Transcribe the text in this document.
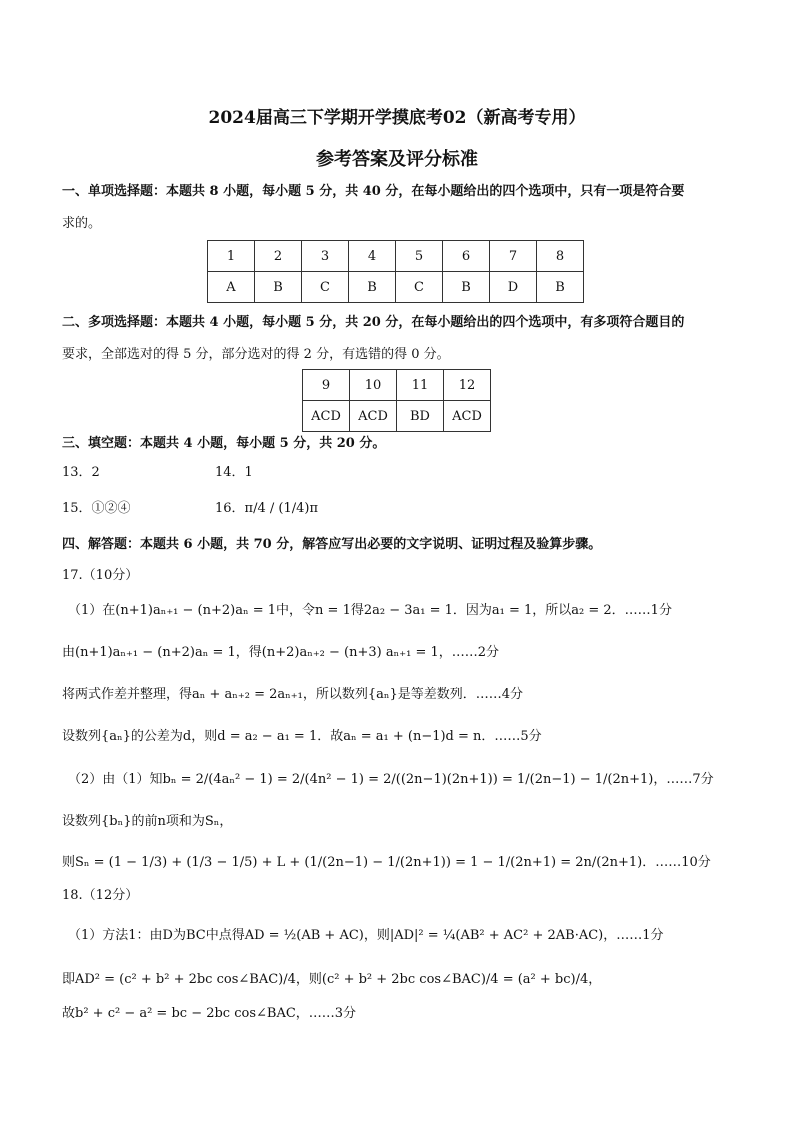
2024届高三下学期开学摸底考02（新高考专用）
参考答案及评分标准
一、单项选择题：本题共 8 小题，每小题 5 分，共 40 分，在每小题给出的四个选项中，只有一项是符合要
求的。
1	2	3	4	5	6	7	8
A	B	C	B	C	B	D	B
二、多项选择题：本题共 4 小题，每小题 5 分，共 20 分，在每小题给出的四个选项中，有多项符合题目的
要求，全部选对的得 5 分，部分选对的得 2 分，有选错的得 0 分。
9	10	11	12
ACD	ACD	BD	ACD
三、填空题：本题共 4 小题，每小题 5 分，共 20 分。
13．2	14．1
15．①②④	16．π/4 / (1/4)π
四、解答题：本题共 6 小题，共 70 分，解答应写出必要的文字说明、证明过程及验算步骤。
17.（10分）
（1）在(n+1)aₙ₊₁ − (n+2)aₙ = 1中，令n = 1得2a₂ − 3a₁ = 1．因为a₁ = 1，所以a₂ = 2．……1分
由(n+1)aₙ₊₁ − (n+2)aₙ = 1，得(n+2)aₙ₊₂ − (n+3) aₙ₊₁ = 1，……2分
将两式作差并整理，得aₙ + aₙ₊₂ = 2aₙ₊₁，所以数列{aₙ}是等差数列．……4分
设数列{aₙ}的公差为d，则d = a₂ − a₁ = 1．故aₙ = a₁ + (n−1)d = n．……5分
（2）由（1）知bₙ = 2/(4aₙ² − 1) = 2/(4n² − 1) = 2/((2n−1)(2n+1)) = 1/(2n−1) − 1/(2n+1)，……7分
设数列{bₙ}的前n项和为Sₙ，
则Sₙ = (1 − 1/3) + (1/3 − 1/5) + L + (1/(2n−1) − 1/(2n+1)) = 1 − 1/(2n+1) = 2n/(2n+1)．……10分
18.（12分）
（1）方法1：由D为BC中点得AD = ½(AB + AC)，则|AD|² = ¼(AB² + AC² + 2AB·AC)，……1分
即AD² = (c² + b² + 2bc cos∠BAC)/4，则(c² + b² + 2bc cos∠BAC)/4 = (a² + bc)/4，
故b² + c² − a² = bc − 2bc cos∠BAC，……3分
